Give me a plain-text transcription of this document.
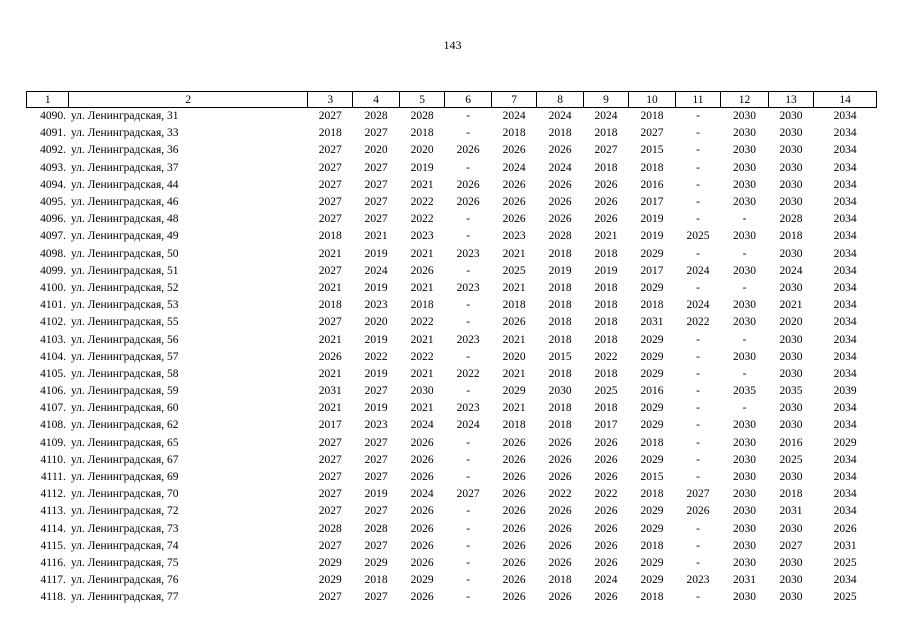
143
1	2	3	4	5	6	7	8	9	10	11	12	13	14
4090.	ул. Ленинградская, 31	2027	2028	2028	-	2024	2024	2024	2018	-	2030	2030	2034
4091.	ул. Ленинградская, 33	2018	2027	2018	-	2018	2018	2018	2027	-	2030	2030	2034
4092.	ул. Ленинградская, 36	2027	2020	2020	2026	2026	2026	2027	2015	-	2030	2030	2034
4093.	ул. Ленинградская, 37	2027	2027	2019	-	2024	2024	2018	2018	-	2030	2030	2034
4094.	ул. Ленинградская, 44	2027	2027	2021	2026	2026	2026	2026	2016	-	2030	2030	2034
4095.	ул. Ленинградская, 46	2027	2027	2022	2026	2026	2026	2026	2017	-	2030	2030	2034
4096.	ул. Ленинградская, 48	2027	2027	2022	-	2026	2026	2026	2019	-	-	2028	2034
4097.	ул. Ленинградская, 49	2018	2021	2023	-	2023	2028	2021	2019	2025	2030	2018	2034
4098.	ул. Ленинградская, 50	2021	2019	2021	2023	2021	2018	2018	2029	-	-	2030	2034
4099.	ул. Ленинградская, 51	2027	2024	2026	-	2025	2019	2019	2017	2024	2030	2024	2034
4100.	ул. Ленинградская, 52	2021	2019	2021	2023	2021	2018	2018	2029	-	-	2030	2034
4101.	ул. Ленинградская, 53	2018	2023	2018	-	2018	2018	2018	2018	2024	2030	2021	2034
4102.	ул. Ленинградская, 55	2027	2020	2022	-	2026	2018	2018	2031	2022	2030	2020	2034
4103.	ул. Ленинградская, 56	2021	2019	2021	2023	2021	2018	2018	2029	-	-	2030	2034
4104.	ул. Ленинградская, 57	2026	2022	2022	-	2020	2015	2022	2029	-	2030	2030	2034
4105.	ул. Ленинградская, 58	2021	2019	2021	2022	2021	2018	2018	2029	-	-	2030	2034
4106.	ул. Ленинградская, 59	2031	2027	2030	-	2029	2030	2025	2016	-	2035	2035	2039
4107.	ул. Ленинградская, 60	2021	2019	2021	2023	2021	2018	2018	2029	-	-	2030	2034
4108.	ул. Ленинградская, 62	2017	2023	2024	2024	2018	2018	2017	2029	-	2030	2030	2034
4109.	ул. Ленинградская, 65	2027	2027	2026	-	2026	2026	2026	2018	-	2030	2016	2029
4110.	ул. Ленинградская, 67	2027	2027	2026	-	2026	2026	2026	2029	-	2030	2025	2034
4111.	ул. Ленинградская, 69	2027	2027	2026	-	2026	2026	2026	2015	-	2030	2030	2034
4112.	ул. Ленинградская, 70	2027	2019	2024	2027	2026	2022	2022	2018	2027	2030	2018	2034
4113.	ул. Ленинградская, 72	2027	2027	2026	-	2026	2026	2026	2029	2026	2030	2031	2034
4114.	ул. Ленинградская, 73	2028	2028	2026	-	2026	2026	2026	2029	-	2030	2030	2026
4115.	ул. Ленинградская, 74	2027	2027	2026	-	2026	2026	2026	2018	-	2030	2027	2031
4116.	ул. Ленинградская, 75	2029	2029	2026	-	2026	2026	2026	2029	-	2030	2030	2025
4117.	ул. Ленинградская, 76	2029	2018	2029	-	2026	2018	2024	2029	2023	2031	2030	2034
4118.	ул. Ленинградская, 77	2027	2027	2026	-	2026	2026	2026	2018	-	2030	2030	2025
